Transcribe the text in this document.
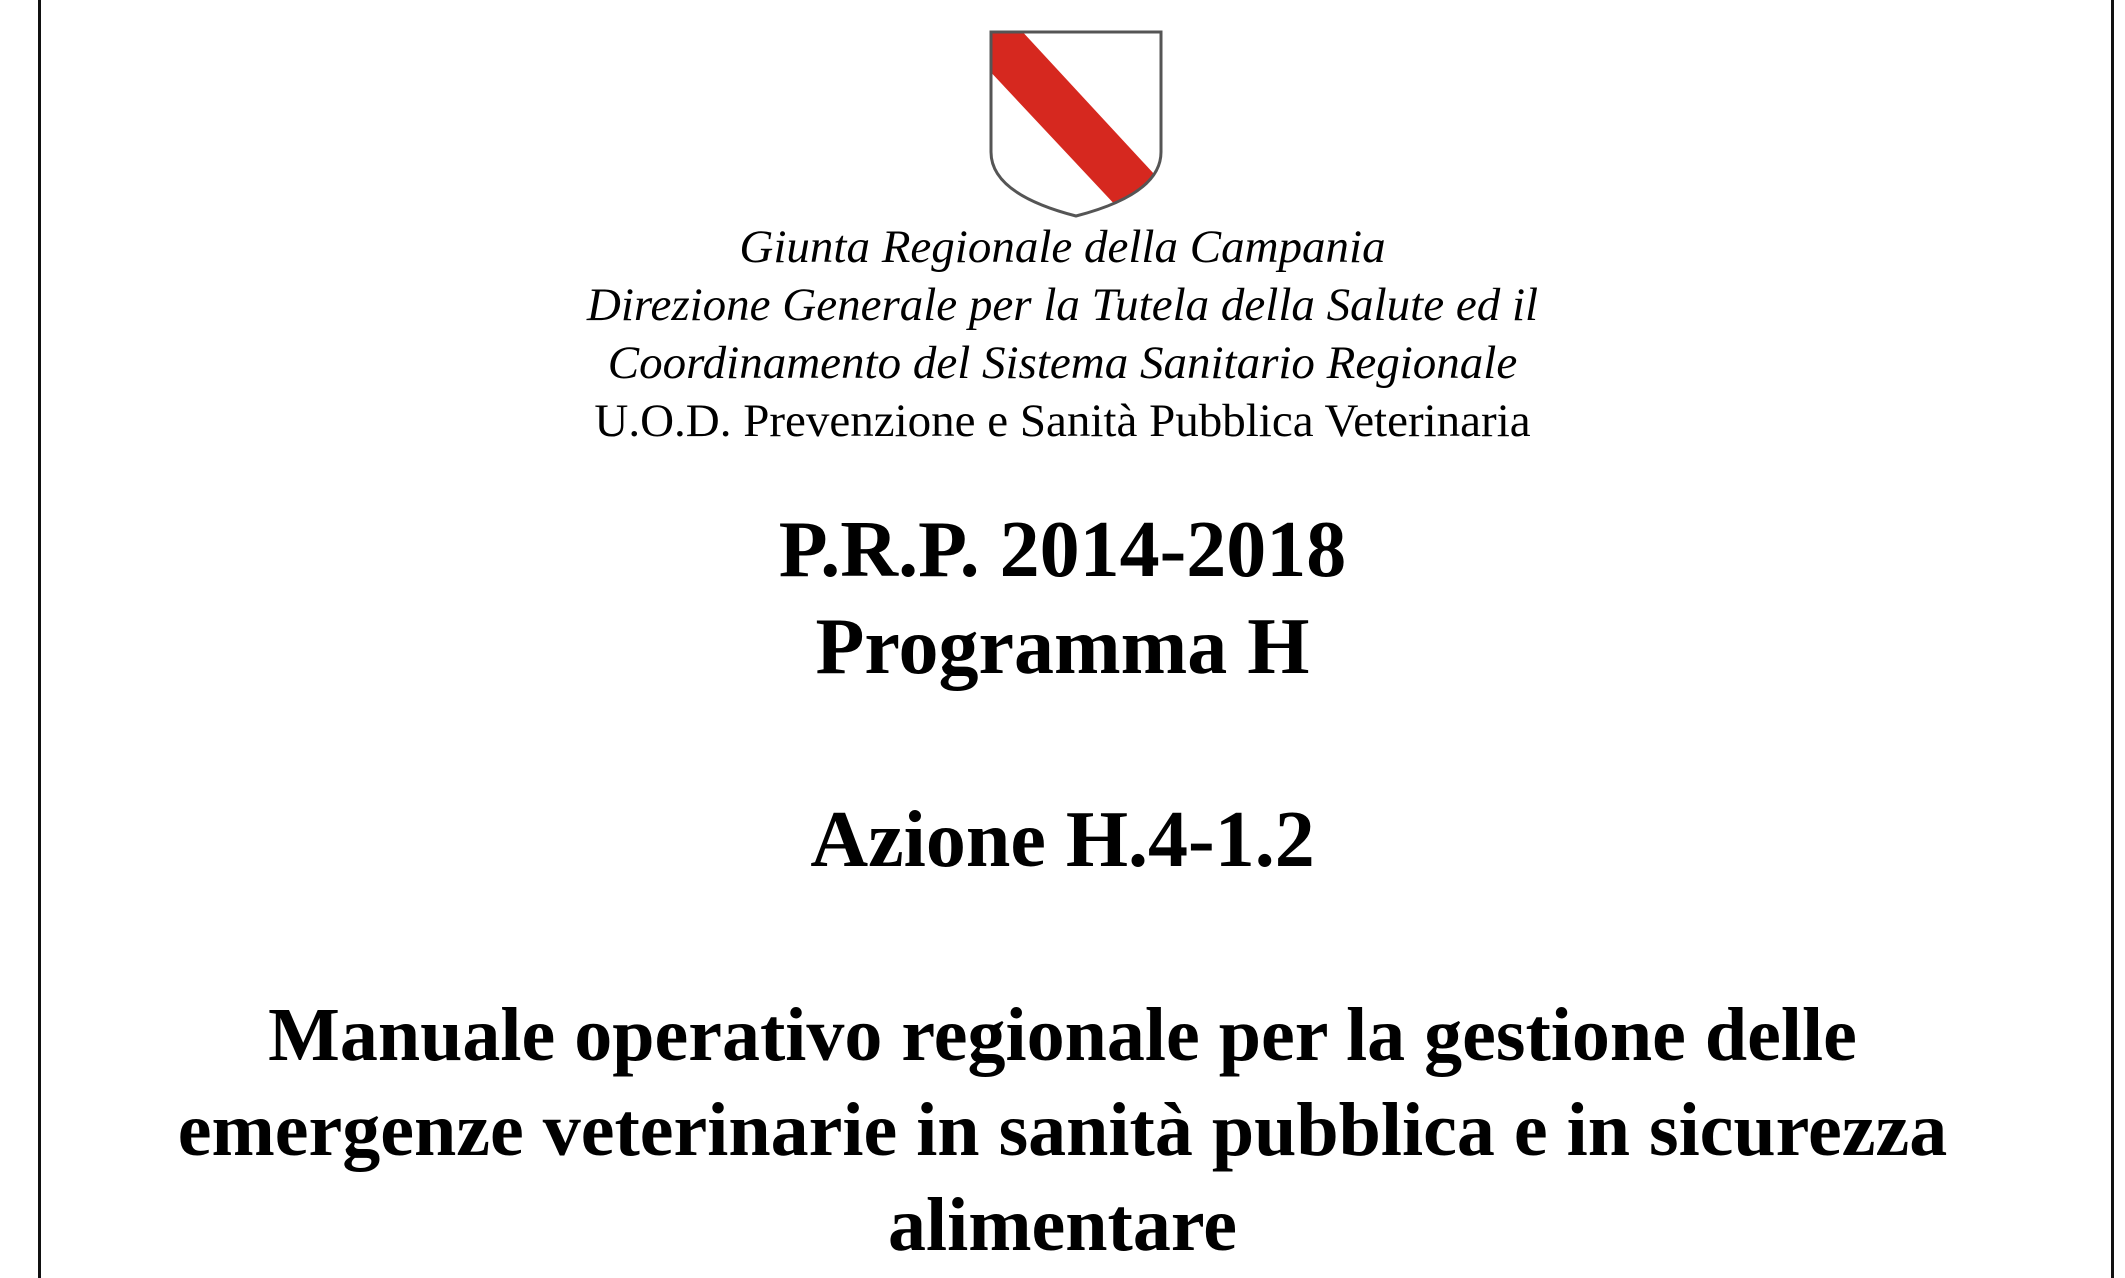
Giunta Regionale della Campania
Direzione Generale per la Tutela della Salute ed il
Coordinamento del Sistema Sanitario Regionale
U.O.D. Prevenzione e Sanità Pubblica Veterinaria
P.R.P. 2014-2018
Programma H
Azione H.4-1.2
Manuale operativo regionale per la gestione delle
emergenze veterinarie in sanità pubblica e in sicurezza
alimentare
